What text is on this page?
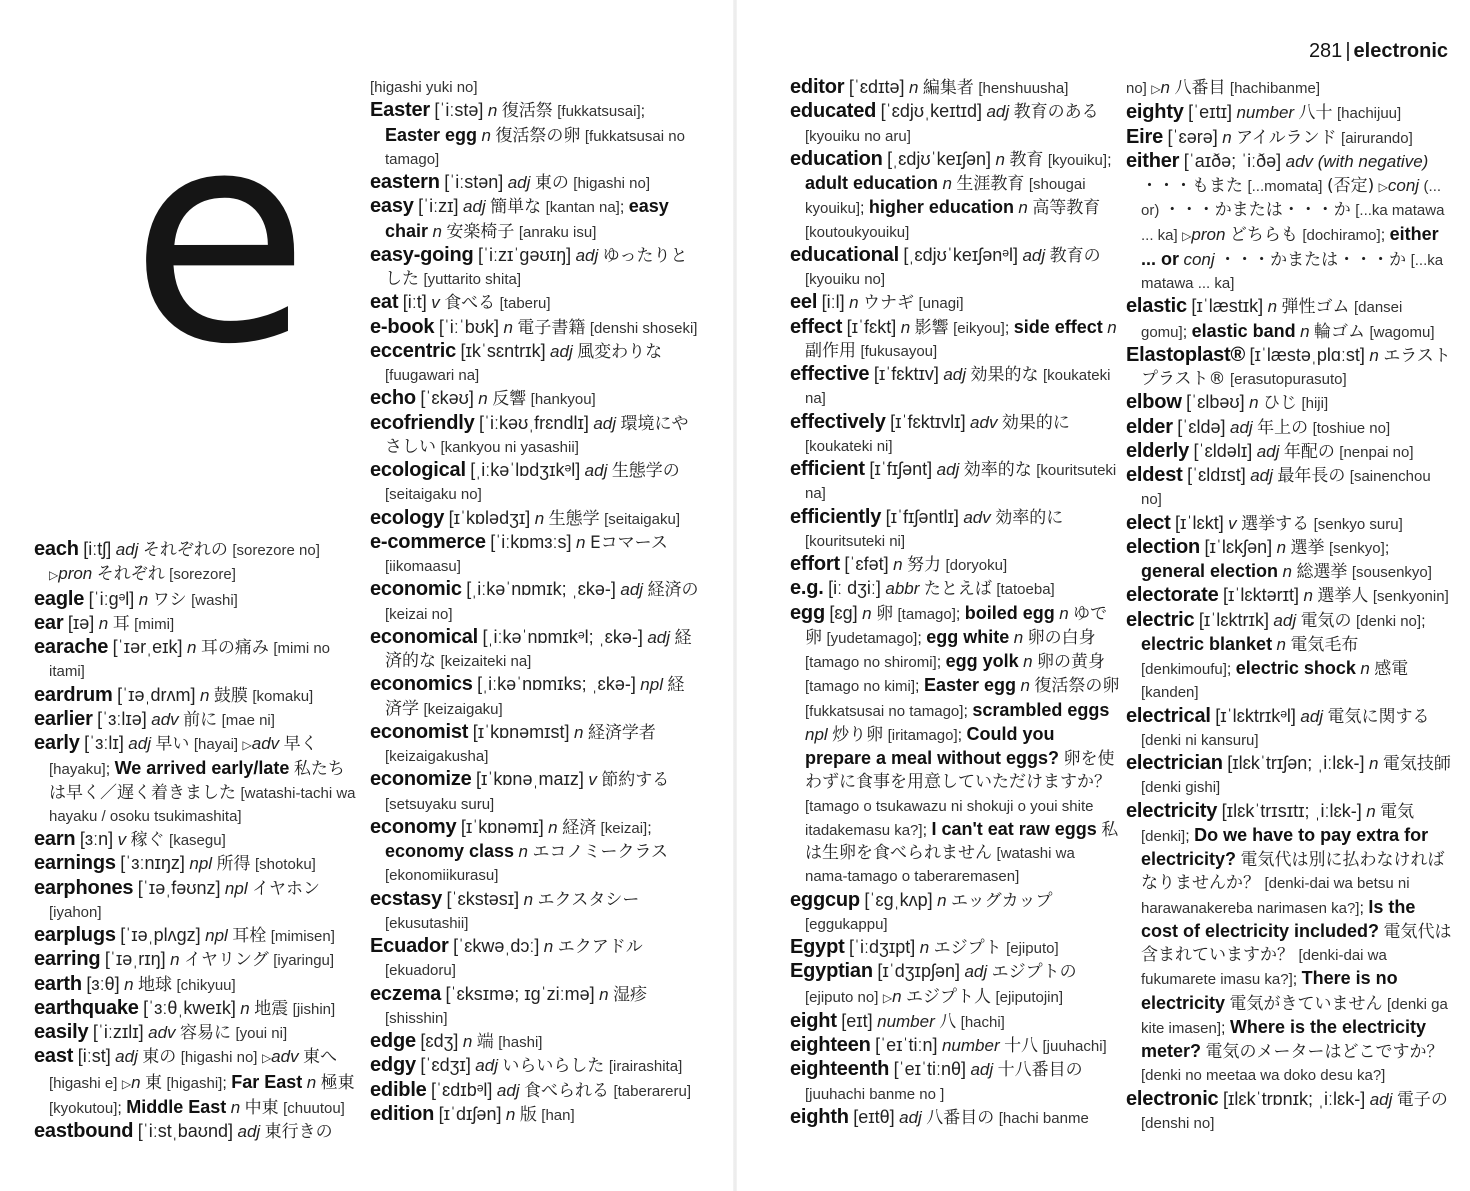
e
281 | electronic

each [iːtʃ] adj それぞれの [sorezore no] ▷pron それぞれ [sorezore]

eagle [ˈiːgᵊl] n ワシ [washi]

ear [ɪə] n 耳 [mimi]

earache [ˈɪərˌeɪk] n 耳の痛み [mimi no itami]

eardrum [ˈɪəˌdrʌm] n 鼓膜 [komaku]

earlier [ˈɜːlɪə] adv 前に [mae ni]

early [ˈɜːlɪ] adj 早い [hayai] ▷adv 早く [hayaku]; We arrived early/late 私たちは早く／遅く着きました [watashi-tachi wa hayaku / osoku tsukimashita]

earn [ɜːn] v 稼ぐ [kasegu]

earnings [ˈɜːnɪŋz] npl 所得 [shotoku]

earphones [ˈɪəˌfəʊnz] npl イヤホン [iyahon]

earplugs [ˈɪəˌplʌgz] npl 耳栓 [mimisen]

earring [ˈɪəˌrɪŋ] n イヤリング [iyaringu]

earth [ɜːθ] n 地球 [chikyuu]

earthquake [ˈɜːθˌkweɪk] n 地震 [jishin]

easily [ˈiːzɪlɪ] adv 容易に [youi ni]

east [iːst] adj 東の [higashi no] ▷adv 東へ [higashi e] ▷n 東 [higashi]; Far East n 極東 [kyokutou]; Middle East n 中東 [chuutou]

eastbound [ˈiːstˌbaʊnd] adj 東行きの

[higashi yuki no]

Easter [ˈiːstə] n 復活祭 [fukkatsusai]; Easter egg n 復活祭の卵 [fukkatsusai no tamago]

eastern [ˈiːstən] adj 東の [higashi no]

easy [ˈiːzɪ] adj 簡単な [kantan na]; easy chair n 安楽椅子 [anraku isu]

easy-going [ˈiːzɪˈgəʊɪŋ] adj ゆったりとした [yuttarito shita]

eat [iːt] v 食べる [taberu]

e-book [ˈiːˈbʊk] n 電子書籍 [denshi shoseki]

eccentric [ɪkˈsɛntrɪk] adj 風変わりな [fuugawari na]

echo [ˈɛkəʊ] n 反響 [hankyou]

ecofriendly [ˈiːkəʊˌfrɛndlɪ] adj 環境にやさしい [kankyou ni yasashii]

ecological [ˌiːkəˈlɒdʒɪkᵊl] adj 生態学の [seitaigaku no]

ecology [ɪˈkɒlədʒɪ] n 生態学 [seitaigaku]

e-commerce [ˈiːkɒmɜːs] n Eコマース [iikomaasu]

economic [ˌiːkəˈnɒmɪk; ˌɛkə-] adj 経済の [keizai no]

economical [ˌiːkəˈnɒmɪkᵊl; ˌɛkə-] adj 経済的な [keizaiteki na]

economics [ˌiːkəˈnɒmɪks; ˌɛkə-] npl 経済学 [keizaigaku]

economist [ɪˈkɒnəmɪst] n 経済学者 [keizaigakusha]

economize [ɪˈkɒnəˌmaɪz] v 節約する [setsuyaku suru]

economy [ɪˈkɒnəmɪ] n 経済 [keizai]; economy class n エコノミークラス [ekonomiikurasu]

ecstasy [ˈɛkstəsɪ] n エクスタシー [ekusutashii]

Ecuador [ˈɛkwəˌdɔː] n エクアドル [ekuadoru]

eczema [ˈɛksɪmə; ɪgˈziːmə] n 湿疹 [shisshin]

edge [ɛdʒ] n 端 [hashi]

edgy [ˈɛdʒɪ] adj いらいらした [irairashita]

edible [ˈɛdɪbᵊl] adj 食べられる [taberareru]

edition [ɪˈdɪʃən] n 版 [han]

editor [ˈɛdɪtə] n 編集者 [henshuusha]

educated [ˈɛdjʊˌkeɪtɪd] adj 教育のある [kyouiku no aru]

education [ˌɛdjʊˈkeɪʃən] n 教育 [kyouiku]; adult education n 生涯教育 [shougai kyouiku]; higher education n 高等教育 [koutoukyouiku]

educational [ˌɛdjʊˈkeɪʃənᵊl] adj 教育の [kyouiku no]

eel [iːl] n ウナギ [unagi]

effect [ɪˈfɛkt] n 影響 [eikyou]; side effect n 副作用 [fukusayou]

effective [ɪˈfɛktɪv] adj 効果的な [koukateki na]

effectively [ɪˈfɛktɪvlɪ] adv 効果的に [koukateki ni]

efficient [ɪˈfɪʃənt] adj 効率的な [kouritsuteki na]

efficiently [ɪˈfɪʃəntlɪ] adv 効率的に [kouritsuteki ni]

effort [ˈɛfət] n 努力 [doryoku]

e.g. [iː dʒiː] abbr たとえば [tatoeba]

egg [ɛg] n 卵 [tamago]; boiled egg n ゆで卵 [yudetamago]; egg white n 卵の白身 [tamago no shiromi]; egg yolk n 卵の黄身 [tamago no kimi]; Easter egg n 復活祭の卵 [fukkatsusai no tamago]; scrambled eggs npl 炒り卵 [iritamago]; Could you prepare a meal without eggs? 卵を使わずに食事を用意していただけますか？ [tamago o tsukawazu ni shokuji o youi shite itadakemasu ka?]; I can't eat raw eggs 私は生卵を食べられません [watashi wa nama-tamago o taberaremasen]

eggcup [ˈɛgˌkʌp] n エッグカップ [eggukappu]

Egypt [ˈiːdʒɪpt] n エジプト [ejiputo]

Egyptian [ɪˈdʒɪpʃən] adj エジプトの [ejiputo no] ▷n エジプト人 [ejiputojin]

eight [eɪt] number 八 [hachi]

eighteen [ˈeɪˈtiːn] number 十八 [juuhachi]

eighteenth [ˈeɪˈtiːnθ] adj 十八番目の [juuhachi banme no ]

eighth [eɪtθ] adj 八番目の [hachi banme

no] ▷n 八番目 [hachibanme]

eighty [ˈeɪtɪ] number 八十 [hachijuu]

Eire [ˈɛərə] n アイルランド [airurando]

either [ˈaɪðə; ˈiːðə] adv (with negative) ・・・もまた [...momata] (否定) ▷conj (... or) ・・・かまたは・・・か [...ka matawa ... ka] ▷pron どちらも [dochiramo]; either ... or conj ・・・かまたは・・・か [...ka matawa ... ka]

elastic [ɪˈlæstɪk] n 弾性ゴム [dansei gomu]; elastic band n 輪ゴム [wagomu]

Elastoplast® [ɪˈlæstəˌplɑːst] n エラストプラスト® [erasutopurasuto]

elbow [ˈɛlbəʊ] n ひじ [hiji]

elder [ˈɛldə] adj 年上の [toshiue no]

elderly [ˈɛldəlɪ] adj 年配の [nenpai no]

eldest [ˈɛldɪst] adj 最年長の [sainenchou no]

elect [ɪˈlɛkt] v 選挙する [senkyo suru]

election [ɪˈlɛkʃən] n 選挙 [senkyo]; general election n 総選挙 [sousenkyo]

electorate [ɪˈlɛktərɪt] n 選挙人 [senkyonin]

electric [ɪˈlɛktrɪk] adj 電気の [denki no]; electric blanket n 電気毛布 [denkimoufu]; electric shock n 感電 [kanden]

electrical [ɪˈlɛktrɪkᵊl] adj 電気に関する [denki ni kansuru]

electrician [ɪlɛkˈtrɪʃən; ˌiːlɛk-] n 電気技師 [denki gishi]

electricity [ɪlɛkˈtrɪsɪtɪ; ˌiːlɛk-] n 電気 [denki]; Do we have to pay extra for electricity? 電気代は別に払わなければなりませんか？ [denki-dai wa betsu ni harawanakereba narimasen ka?]; Is the cost of electricity included? 電気代は含まれていますか？ [denki-dai wa fukumarete imasu ka?]; There is no electricity 電気がきていません [denki ga kite imasen]; Where is the electricity meter? 電気のメーターはどこですか？ [denki no meetaa wa doko desu ka?]

electronic [ɪlɛkˈtrɒnɪk; ˌiːlɛk-] adj 電子の [denshi no]
